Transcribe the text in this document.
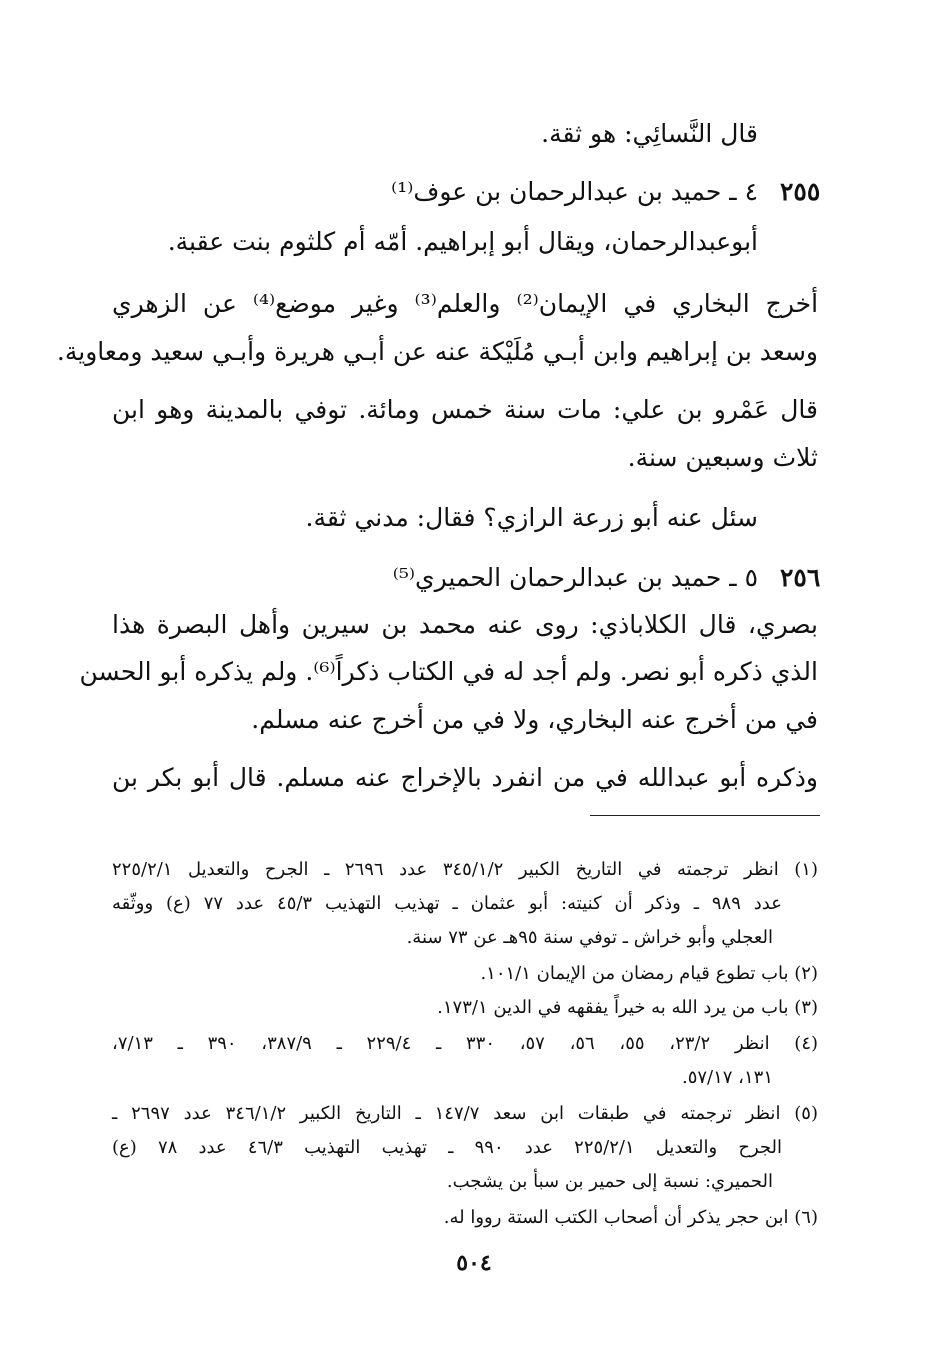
قال النَّسائِي: هو ثقة.

٢٥٥
٤ ـ حميد بن عبدالرحمان بن عوف⁽¹⁾

أبوعبدالرحمان، ويقال أبو إبراهيم. أمّه أم كلثوم بنت عقبة.

أخرج البخاري في الإيمان⁽²⁾ والعلم⁽³⁾ وغير موضع⁽⁴⁾ عن الزهري

وسعد بن إبراهيم وابن أبـي مُلَيْكة عنه عن أبـي هريرة وأبـي سعيد ومعاوية.

قال عَمْرو بن علي: مات سنة خمس ومائة. توفي بالمدينة وهو ابن

ثلاث وسبعين سنة.

سئل عنه أبو زرعة الرازي؟ فقال: مدني ثقة.

٢٥٦
٥ ـ حميد بن عبدالرحمان الحميري⁽⁵⁾

بصري، قال الكلاباذي: روى عنه محمد بن سيرين وأهل البصرة هذا

الذي ذكره أبو نصر. ولم أجد له في الكتاب ذكراً⁽⁶⁾. ولم يذكره أبو الحسن

في من أخرج عنه البخاري، ولا في من أخرج عنه مسلم.

وذكره أبو عبدالله في من انفرد بالإخراج عنه مسلم. قال أبو بكر بن

(١) انظر ترجمته في التاريخ الكبير ٣٤٥/١/٢ عدد ٢٦٩٦ ـ الجرح والتعديل ٢٢٥/٢/١

عدد ٩٨٩ ـ وذكر أن كنيته: أبو عثمان ـ تهذيب التهذيب ٤٥/٣ عدد ٧٧ (ع) ووثّقه

العجلي وأبو خراش ـ توفي سنة ٩٥هـ عن ٧٣ سنة.

(٢) باب تطوع قيام رمضان من الإيمان ١٠١/١.

(٣) باب من يرد الله به خيراً يفقهه في الدين ١٧٣/١.

(٤) انظر ٢٣/٢، ٥٥، ٥٦، ٥٧، ٣٣٠ ـ ٢٢٩/٤ ـ ٣٨٧/٩، ٣٩٠ ـ ٧/١٣،

١٣١، ٥٧/١٧.

(٥) انظر ترجمته في طبقات ابن سعد ١٤٧/٧ ـ التاريخ الكبير ٣٤٦/١/٢ عدد ٢٦٩٧ ـ

الجرح والتعديل ٢٢٥/٢/١ عدد ٩٩٠ ـ تهذيب التهذيب ٤٦/٣ عدد ٧٨ (ع)

الحميري: نسبة إلى حمير بن سبأ بن يشجب.

(٦) ابن حجر يذكر أن أصحاب الكتب الستة رووا له.

٥٠٤
